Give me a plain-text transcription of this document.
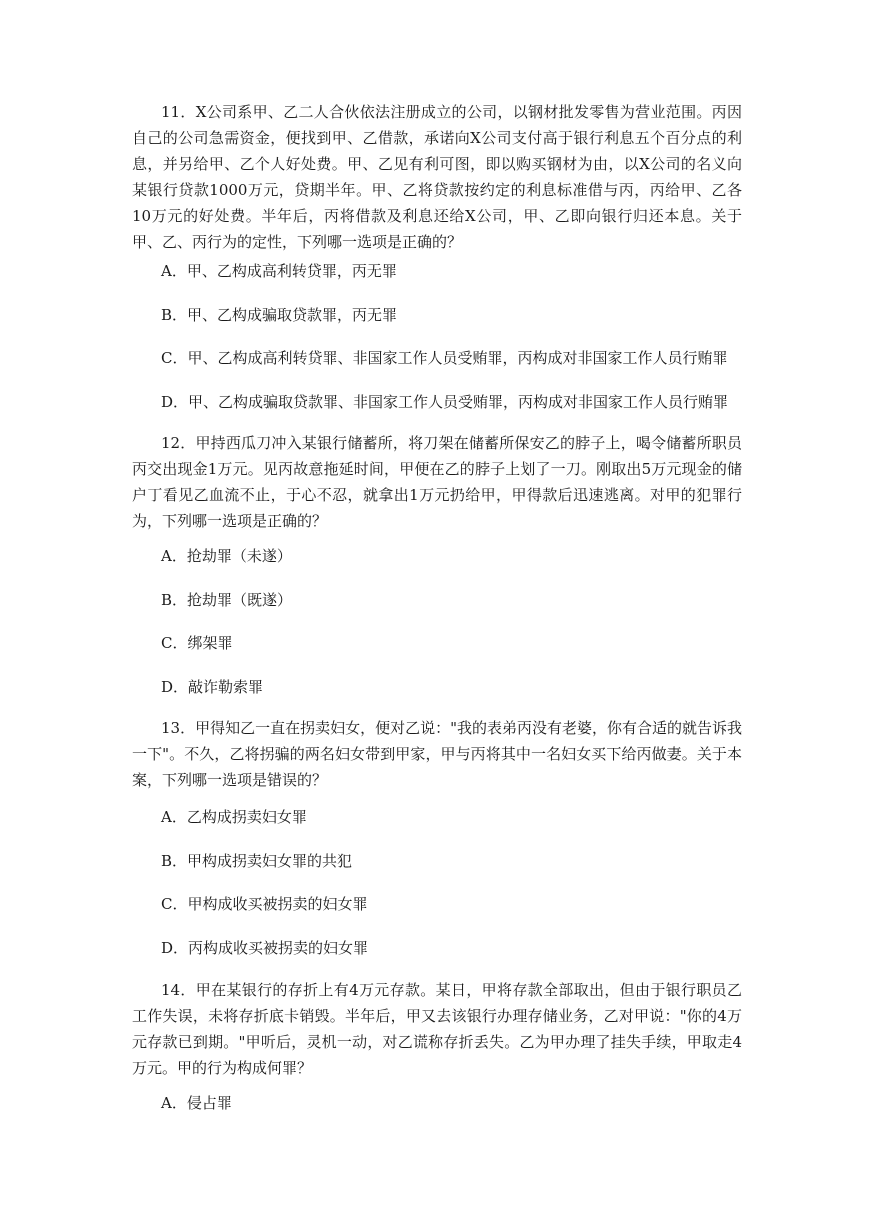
11．X公司系甲、乙二人合伙依法注册成立的公司，以钢材批发零售为营业范围。丙因自己的公司急需资金，便找到甲、乙借款，承诺向X公司支付高于银行利息五个百分点的利息，并另给甲、乙个人好处费。甲、乙见有利可图，即以购买钢材为由，以X公司的名义向某银行贷款1000万元，贷期半年。甲、乙将贷款按约定的利息标准借与丙，丙给甲、乙各10万元的好处费。半年后，丙将借款及利息还给X公司，甲、乙即向银行归还本息。关于甲、乙、丙行为的定性，下列哪一选项是正确的？

A．甲、乙构成高利转贷罪，丙无罪

B．甲、乙构成骗取贷款罪，丙无罪

C．甲、乙构成高利转贷罪、非国家工作人员受贿罪，丙构成对非国家工作人员行贿罪

D．甲、乙构成骗取贷款罪、非国家工作人员受贿罪，丙构成对非国家工作人员行贿罪

12．甲持西瓜刀冲入某银行储蓄所，将刀架在储蓄所保安乙的脖子上，喝令储蓄所职员丙交出现金1万元。见丙故意拖延时间，甲便在乙的脖子上划了一刀。刚取出5万元现金的储户丁看见乙血流不止，于心不忍，就拿出1万元扔给甲，甲得款后迅速逃离。对甲的犯罪行为，下列哪一选项是正确的？

A．抢劫罪（未遂）

B．抢劫罪（既遂）

C．绑架罪

D．敲诈勒索罪

13．甲得知乙一直在拐卖妇女，便对乙说："我的表弟丙没有老婆，你有合适的就告诉我一下"。不久，乙将拐骗的两名妇女带到甲家，甲与丙将其中一名妇女买下给丙做妻。关于本案，下列哪一选项是错误的？

A．乙构成拐卖妇女罪

B．甲构成拐卖妇女罪的共犯

C．甲构成收买被拐卖的妇女罪

D．丙构成收买被拐卖的妇女罪

14．甲在某银行的存折上有4万元存款。某日，甲将存款全部取出，但由于银行职员乙工作失误，未将存折底卡销毁。半年后，甲又去该银行办理存储业务，乙对甲说："你的4万元存款已到期。"甲听后，灵机一动，对乙谎称存折丢失。乙为甲办理了挂失手续，甲取走4万元。甲的行为构成何罪？

A．侵占罪
